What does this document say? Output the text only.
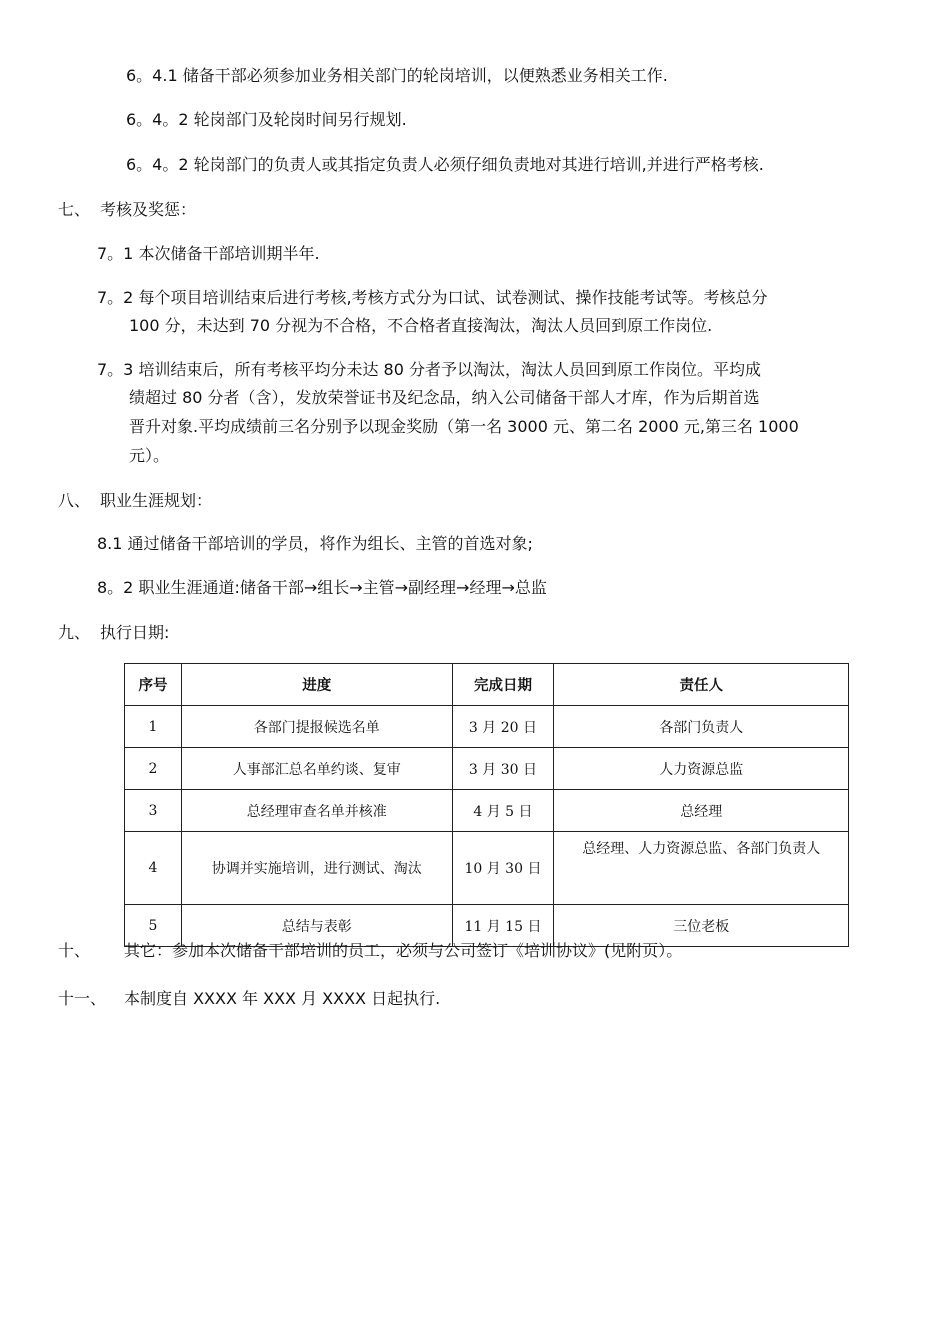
6。4.1 储备干部必须参加业务相关部门的轮岗培训，以便熟悉业务相关工作.
6。4。2 轮岗部门及轮岗时间另行规划.
6。4。2 轮岗部门的负责人或其指定负责人必须仔细负责地对其进行培训,并进行严格考核.
七、 考核及奖惩：
7。1 本次储备干部培训期半年.
7。2 每个项目培训结束后进行考核,考核方式分为口试、试卷测试、操作技能考试等。考核总分
100 分，未达到 70 分视为不合格，不合格者直接淘汰，淘汰人员回到原工作岗位.
7。3 培训结束后，所有考核平均分未达 80 分者予以淘汰，淘汰人员回到原工作岗位。平均成
绩超过 80 分者（含），发放荣誉证书及纪念品，纳入公司储备干部人才库，作为后期首选
晋升对象.平均成绩前三名分别予以现金奖励（第一名 3000 元、第二名 2000 元,第三名 1000
元）。
八、 职业生涯规划：
8.1 通过储备干部培训的学员，将作为组长、主管的首选对象;
8。2 职业生涯通道:储备干部→组长→主管→副经理→经理→总监
九、 执行日期:
序号	进度	完成日期	责任人
1	各部门提报候选名单	3 月 20 日	各部门负责人
2	人事部汇总名单约谈、复审	3 月 30 日	人力资源总监
3	总经理审查名单并核准	4 月 5 日	总经理
4	协调并实施培训，进行测试、淘汰	10 月 30 日	总经理、人力资源总监、各部门负责人
5	总结与表彰	11 月 15 日	三位老板
十、 其它：参加本次储备干部培训的员工，必须与公司签订《培训协议》(见附页）。
十一、 本制度自 XXXX 年 XXX 月 XXXX 日起执行.
